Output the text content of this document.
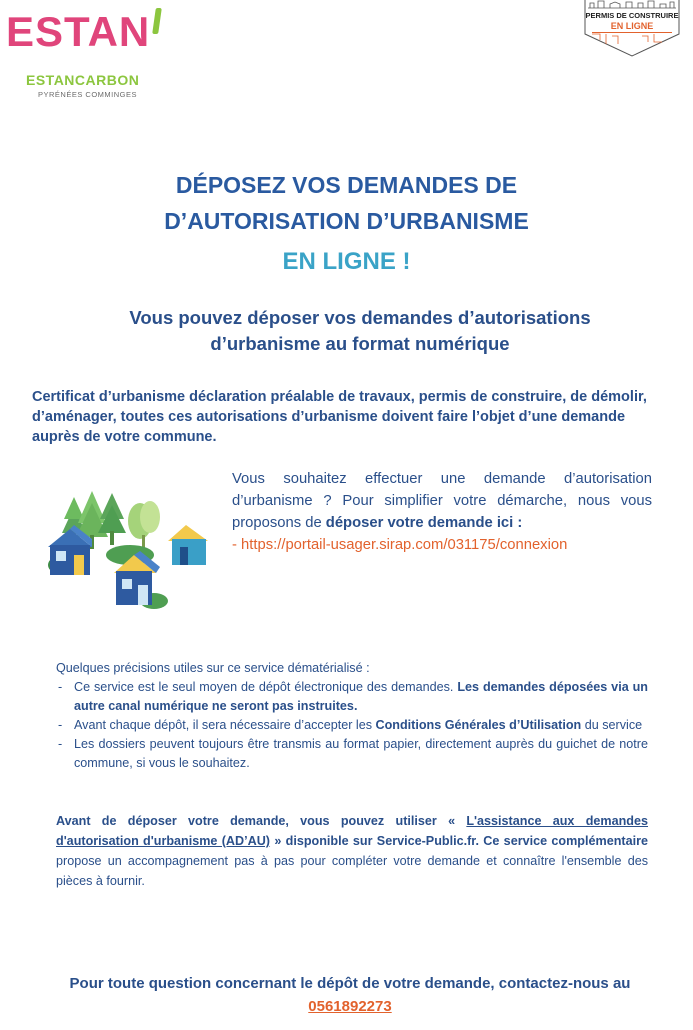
ESTAN
ESTANCARBON
PYRÉNÉES COMMINGES
PERMIS DE CONSTRUIRE
EN LIGNE
DÉPOSEZ VOS DEMANDES DE
D’AUTORISATION D’URBANISME
EN LIGNE !
Vous pouvez déposer vos demandes d’autorisations
d’urbanisme au format numérique
Certificat d’urbanisme déclaration préalable de travaux, permis de construire, de démolir, d’aménager, toutes ces autorisations d’urbanisme doivent faire l’objet d’une demande auprès de votre commune.
Vous souhaitez effectuer une demande d’autorisation d’urbanisme ? Pour simplifier votre démarche, nous vous proposons de déposer votre demande ici :
- https://portail-usager.sirap.com/031175/connexion
Quelques précisions utiles sur ce service dématérialisé :
- Ce service est le seul moyen de dépôt électronique des demandes. Les demandes déposées via un autre canal numérique ne seront pas instruites.
- Avant chaque dépôt, il sera nécessaire d’accepter les Conditions Générales d’Utilisation du service
- Les dossiers peuvent toujours être transmis au format papier, directement auprès du guichet de notre commune, si vous le souhaitez.
Avant de déposer votre demande, vous pouvez utiliser « L'assistance aux demandes d'autorisation d'urbanisme (AD’AU) » disponible sur Service-Public.fr. Ce service complémentaire propose un accompagnement pas à pas pour compléter votre demande et connaître l'ensemble des pièces à fournir.
Pour toute question concernant le dépôt de votre demande, contactez-nous au 0561892273
